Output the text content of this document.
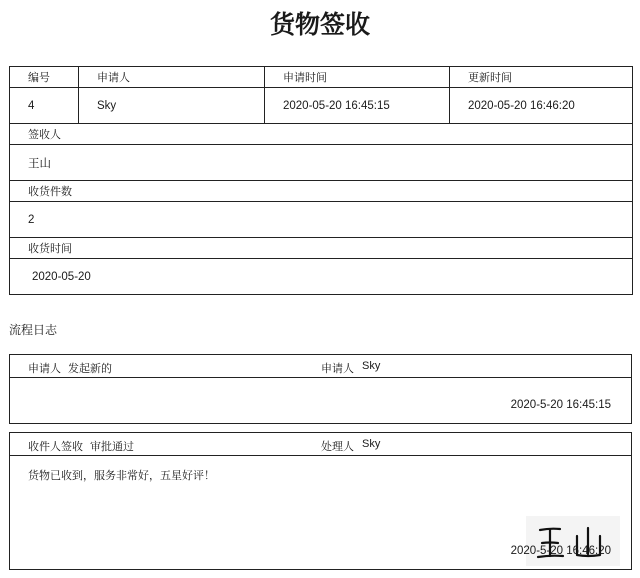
货物签收
编号	申请人	申请时间	更新时间
4	Sky	2020-05-20 16:45:15	2020-05-20 16:46:20
签收人			
王山			
收货件数			
2			
收货时间			
2020-05-20			
流程日志
申请人 发起新的	申请人 Sky
2020-5-20 16:45:15
收件人签收 审批通过	处理人 Sky
货物已收到，服务非常好，五星好评！
2020-5-20 16:46:20
